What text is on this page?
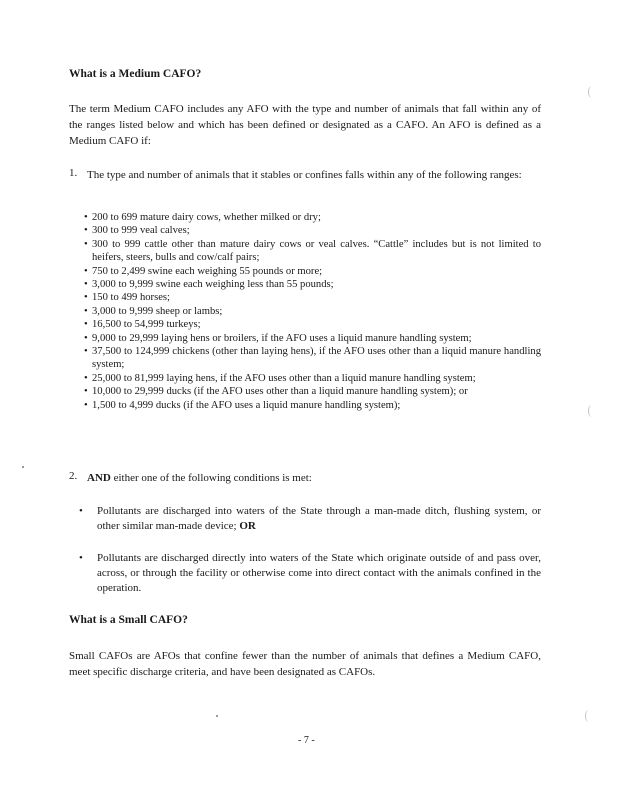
What is a Medium CAFO?
The term Medium CAFO includes any AFO with the type and number of animals that fall within any of the ranges listed below and which has been defined or designated as a CAFO. An AFO is defined as a Medium CAFO if:
1. The type and number of animals that it stables or confines falls within any of the following ranges:
• 200 to 699 mature dairy cows, whether milked or dry;
• 300 to 999 veal calves;
• 300 to 999 cattle other than mature dairy cows or veal calves. “Cattle” includes but is not limited to heifers, steers, bulls and cow/calf pairs;
• 750 to 2,499 swine each weighing 55 pounds or more;
• 3,000 to 9,999 swine each weighing less than 55 pounds;
• 150 to 499 horses;
• 3,000 to 9,999 sheep or lambs;
• 16,500 to 54,999 turkeys;
• 9,000 to 29,999 laying hens or broilers, if the AFO uses a liquid manure handling system;
• 37,500 to 124,999 chickens (other than laying hens), if the AFO uses other than a liquid manure handling system;
• 25,000 to 81,999 laying hens, if the AFO uses other than a liquid manure handling system;
• 10,000 to 29,999 ducks (if the AFO uses other than a liquid manure handling system); or
• 1,500 to 4,999 ducks (if the AFO uses a liquid manure handling system);
2. AND either one of the following conditions is met:
• Pollutants are discharged into waters of the State through a man-made ditch, flushing system, or other similar man-made device; OR
• Pollutants are discharged directly into waters of the State which originate outside of and pass over, across, or through the facility or otherwise come into direct contact with the animals confined in the operation.
What is a Small CAFO?
Small CAFOs are AFOs that confine fewer than the number of animals that defines a Medium CAFO, meet specific discharge criteria, and have been designated as CAFOs.
- 7 -
